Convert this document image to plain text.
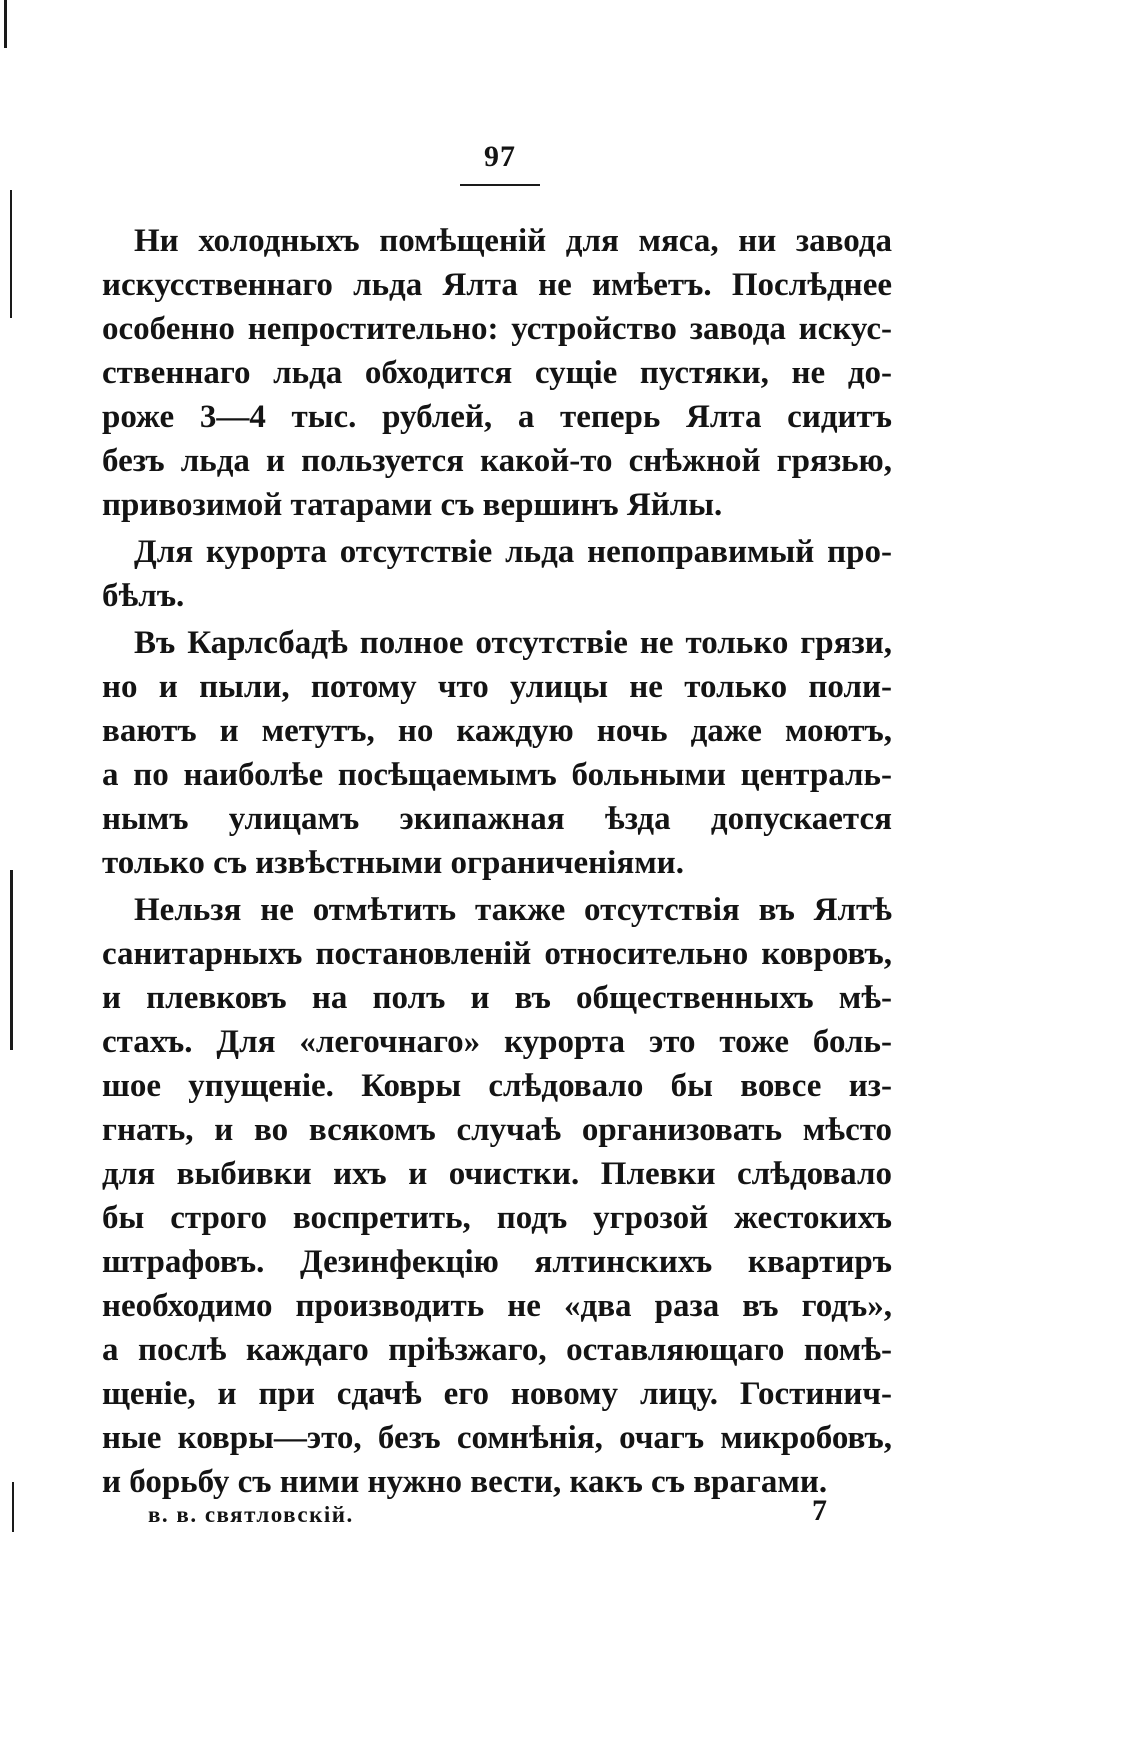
97
Ни холодныхъ помѣщеній для мяса, ни завода
искусственнаго льда Ялта не имѣетъ. Послѣднее
особенно непростительно: устройство завода искус-
ственнаго льда обходится сущіе пустяки, не до-
роже 3—4 тыс. рублей, а теперь Ялта сидитъ
безъ льда и пользуется какой-то снѣжной грязью,
привозимой татарами съ вершинъ Яйлы.
Для курорта отсутствіе льда непоправимый про-
бѣлъ.
Въ Карлсбадѣ полное отсутствіе не только грязи,
но и пыли, потому что улицы не только поли-
ваютъ и метутъ, но каждую ночь даже моютъ,
а по наиболѣе посѣщаемымъ больными централь-
нымъ улицамъ экипажная ѣзда допускается
только съ извѣстными ограниченіями.
Нельзя не отмѣтить также отсутствія въ Ялтѣ
санитарныхъ постановленій относительно ковровъ,
и плевковъ на полъ и въ общественныхъ мѣ-
стахъ. Для «легочнаго» курорта это тоже боль-
шое упущеніе. Ковры слѣдовало бы вовсе из-
гнать, и во всякомъ случаѣ организовать мѣсто
для выбивки ихъ и очистки. Плевки слѣдовало
бы строго воспретить, подъ угрозой жестокихъ
штрафовъ. Дезинфекцію ялтинскихъ квартиръ
необходимо производить не «два раза въ годъ»,
а послѣ каждаго пріѣзжаго, оставляющаго помѣ-
щеніе, и при сдачѣ его новому лицу. Гостинич-
ные ковры—это, безъ сомнѣнія, очагъ микробовъ,
и борьбу съ ними нужно вести, какъ съ врагами.
в. в. святловскій.	7
